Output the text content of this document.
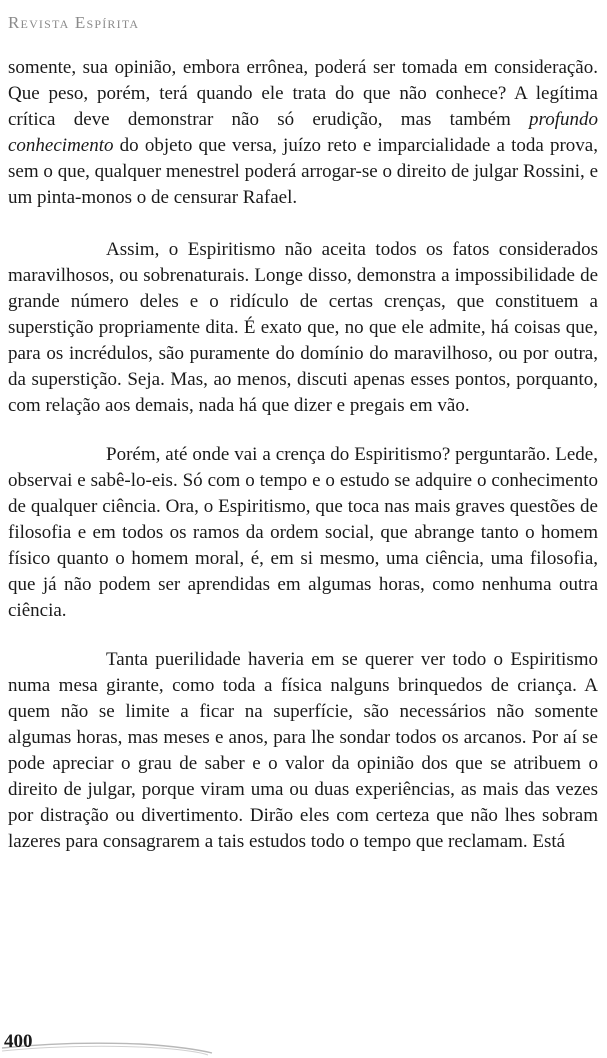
Revista Espírita

somente, sua opinião, embora errônea, poderá ser tomada em consideração. Que peso, porém, terá quando ele trata do que não conhece? A legítima crítica deve demonstrar não só erudição, mas também profundo conhecimento do objeto que versa, juízo reto e imparcialidade a toda prova, sem o que, qualquer menestrel poderá arrogar-se o direito de julgar Rossini, e um pinta-monos o de censurar Rafael.

Assim, o Espiritismo não aceita todos os fatos considerados maravilhosos, ou sobrenaturais. Longe disso, demonstra a impossibilidade de grande número deles e o ridículo de certas crenças, que constituem a superstição propriamente dita. É exato que, no que ele admite, há coisas que, para os incrédulos, são puramente do domínio do maravilhoso, ou por outra, da superstição. Seja. Mas, ao menos, discuti apenas esses pontos, porquanto, com relação aos demais, nada há que dizer e pregais em vão.

Porém, até onde vai a crença do Espiritismo? perguntarão. Lede, observai e sabê-lo-eis. Só com o tempo e o estudo se adquire o conhecimento de qualquer ciência. Ora, o Espiritismo, que toca nas mais graves questões de filosofia e em todos os ramos da ordem social, que abrange tanto o homem físico quanto o homem moral, é, em si mesmo, uma ciência, uma filosofia, que já não podem ser aprendidas em algumas horas, como nenhuma outra ciência.

Tanta puerilidade haveria em se querer ver todo o Espiritismo numa mesa girante, como toda a física nalguns brinquedos de criança. A quem não se limite a ficar na superfície, são necessários não somente algumas horas, mas meses e anos, para lhe sondar todos os arcanos. Por aí se pode apreciar o grau de saber e o valor da opinião dos que se atribuem o direito de julgar, porque viram uma ou duas experiências, as mais das vezes por distração ou divertimento. Dirão eles com certeza que não lhes sobram lazeres para consagrarem a tais estudos todo o tempo que reclamam. Está

400
